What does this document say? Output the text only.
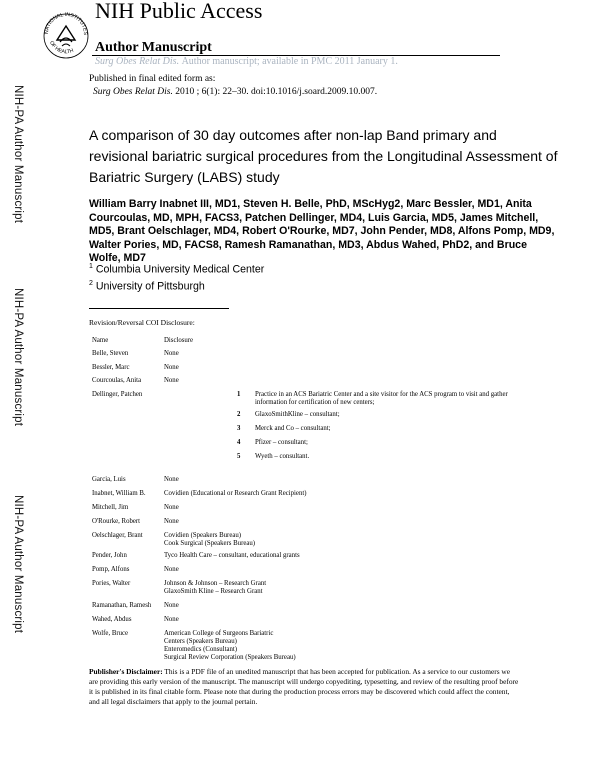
NIH-PA Author Manuscript
NIH-PA Author Manuscript
NIH-PA Author Manuscript
NATIONAL INSTITUTES
OF HEALTH
NIH Public Access
Author Manuscript
Surg Obes Relat Dis. Author manuscript; available in PMC 2011 January 1.
Published in final edited form as:
Surg Obes Relat Dis. 2010 ; 6(1): 22–30. doi:10.1016/j.soard.2009.10.007.
A comparison of 30 day outcomes after non-lap Band primary and revisional bariatric surgical procedures from the Longitudinal Assessment of Bariatric Surgery (LABS) study
William Barry Inabnet III, MD1, Steven H. Belle, PhD, MScHyg2, Marc Bessler, MD1, Anita Courcoulas, MD, MPH, FACS3, Patchen Dellinger, MD4, Luis Garcia, MD5, James Mitchell, MD5, Brant Oelschlager, MD4, Robert O'Rourke, MD7, John Pender, MD8, Alfons Pomp, MD9, Walter Pories, MD, FACS8, Ramesh Ramanathan, MD3, Abdus Wahed, PhD2, and Bruce Wolfe, MD7
$^1$ Columbia University Medical Center
$^2$ University of Pittsburgh
Revision/Reversal COI Disclosure:
Name	Disclosure
Belle, Steven	None
Bessler, Marc	None
Courcoulas, Anita	None
Dellinger, Patchen	1 Practice in an ACS Bariatric Center and a site visitor for the ACS program to visit and gather information for certification of new centers;
2 GlaxoSmithKline – consultant;
3 Merck and Co – consultant;
4 Pfizer – consultant;
5 Wyeth – consultant.
Garcia, Luis	None
Inabnet, William B.	Covidien (Educational or Research Grant Recipient)
Mitchell, Jim	None
O'Rourke, Robert	None
Oelschlager, Brant	Covidien (Speakers Bureau)
Cook Surgical (Speakers Bureau)
Pender, John	Tyco Health Care – consultant, educational grants
Pomp, Alfons	None
Pories, Walter	Johnson & Johnson – Research Grant
GlaxoSmith Kline – Research Grant
Ramanathan, Ramesh None
Wahed, Abdus	None
Wolfe, Bruce	American College of Surgeons Bariatric
Centers (Speakers Bureau)
Enteromedics (Consultant)
Surgical Review Corporation (Speakers Bureau)
Publisher's Disclaimer: This is a PDF file of an unedited manuscript that has been accepted for publication. As a service to our customers we are providing this early version of the manuscript. The manuscript will undergo copyediting, typesetting, and review of the resulting proof before it is published in its final citable form. Please note that during the production process errors may be discovered which could affect the content, and all legal disclaimers that apply to the journal pertain.
